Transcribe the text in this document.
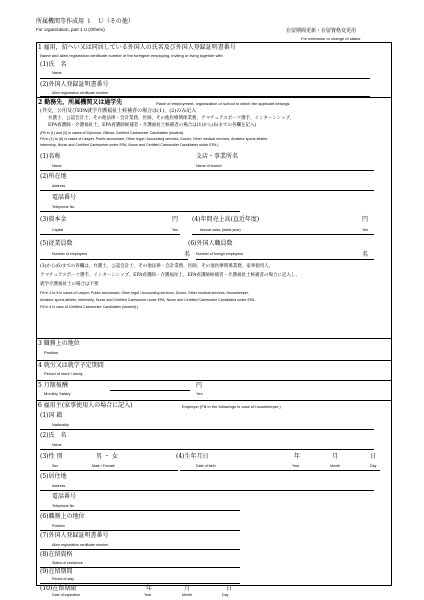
所属機関等作成用 １　Ｕ（その他）
For organization, part 1 U (Others)	在留期間更新・在留資格変更用
For extension or change of status
1 雇用，招へい又は同居している外国人の氏名及び外国人登録証明書番号
Name and alien registration certificate number of the foreigner employing, inviting or living together with
(1)氏　名
Name
(2)外国人登録証明書番号
Alien registration certificate number
2 勤務先，所属機関又は通学先	Place of employment, organization or school to which the applicant belongs
(外交，公用及びEPA就学介護福祉士候補者の場合は(1)，(2)のみ記入
弁護士，公認会計士，その他法律・会計業務，医師，その他医療関係業務，アマチュアスポーツ選手，インターンシップ，
EPA看護師・介護福祉士，EPA看護師候補者・介護福祉士候補者の場合は(1)から(6)までの各欄を記入)
(Fill in (1) and (2) in cases of Diplomat, Official, Certified Careworker Candidates (student).
Fill in (1) to (6) in cases of Lawyer, Public accountant, Other legal / Accounting services, Doctor, Other medical services, Amateur sports athlete,
Internship, Nurse and Certified Careworker under EPA, Nurse and Certified Careworker Candidates under EPA.)
(1)名称	支店・事業所名
Name	Name of branch
(2)所在地
Address
電話番号
Telephone No.
(3)資本金	円 (4)年間売上高(直近年度)	円
Capital	Yen	Annual sales (latest year)	Yen
(5)従業員数
名
(6)外国人職員数
名
Number of employees	Number of foreign employees
(3)から(6)までの各欄は，弁護士，公認会計士，その他法律・会計業務，医師，その他医療関係業務，家事使用人，
アマチュアスポーツ選手，インターンシップ，EPA看護師・介護福祉士，EPA看護師候補者・介護福祉士候補者の場合に記入し，
就学介護福祉士の場合は不要
Fill in 3 to 5 in cases of Lawyer, Public accountant, Other legal / Accounting services, Doctor, Other medical services, Housekeeper,
Amateur sports athlete, Internship, Nurse and Certified Careworker under EPA, Nurse and Certified Careworker Candidates under EPA.
Fill in 4 in case of Certified Careworker Candidates (student).)
3 職務上の地位
Position
4 就労又は就学予定期間
Period of work / study
5 月額報酬	円
Monthly Salary	Yen
6 雇用主(家事使用人の場合に記入)	Employer (Fill in the followings in case of housekeeper.)
(1)国 籍
Nationality
(2)氏　名
Name
(3)性 別	男 ・ 女	(4)生年月日	年	月	日
Sex	Male / Female	Date of birth	Year	Month	Day
(5)居住地
Address
電話番号
Telephone No.
(6)職務上の地位
Position
(7)外国人登録証明書番号
Alien registration certificate number
(8)在留資格
Status of residence
(9)在留期間
Period of stay
(10)在留期限	年	月	日
Date of expiration	Year	Month	Day
